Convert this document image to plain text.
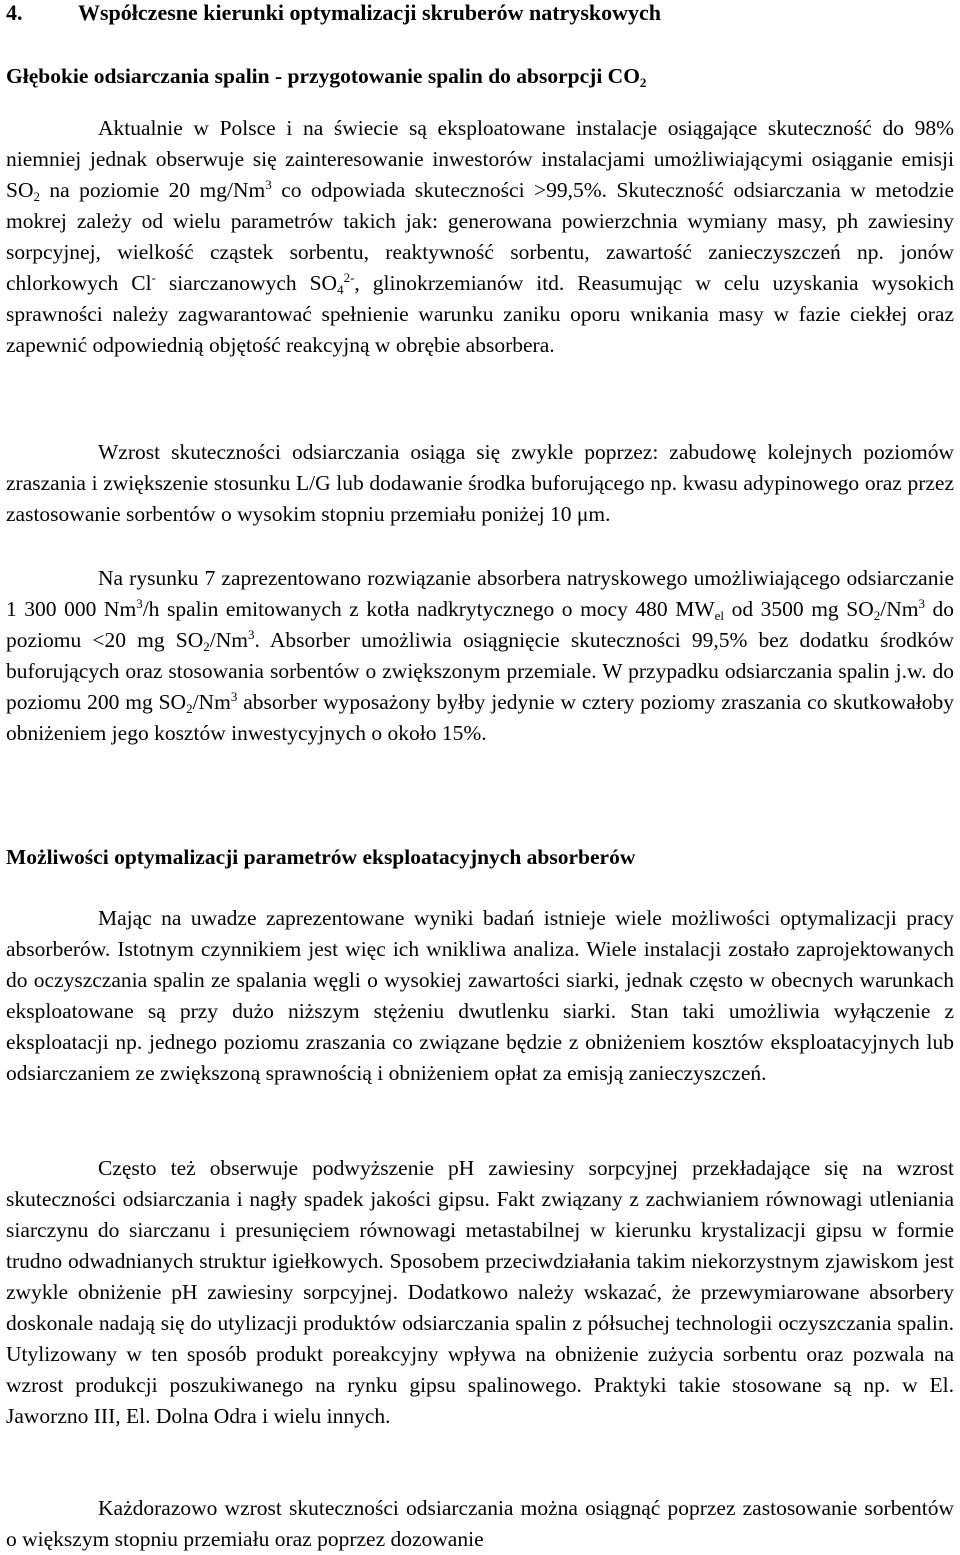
4.	Współczesne kierunki optymalizacji skruberów natryskowych
Głębokie odsiarczania spalin - przygotowanie spalin do absorpcji $CO_2$

Aktualnie w Polsce i na świecie są eksploatowane instalacje osiągające skuteczność do 98% niemniej jednak obserwuje się zainteresowanie inwestorów instalacjami umożliwiającymi osiąganie emisji $SO_2$ na poziomie 20 mg/Nm$^3$ co odpowiada skuteczności >99,5%. Skuteczność odsiarczania w metodzie mokrej zależy od wielu parametrów takich jak: generowana powierzchnia wymiany masy, ph zawiesiny sorpcyjnej, wielkość cząstek sorbentu, reaktywność sorbentu, zawartość zanieczyszczeń np. jonów chlorkowych Cl- siarczanowych $SO_4^{2-}$, glinokrzemianów itd. Reasumując w celu uzyskania wysokich sprawności należy zagwarantować spełnienie warunku zaniku oporu wnikania masy w fazie ciekłej oraz zapewnić odpowiednią objętość reakcyjną w obrębie absorbera.

Wzrost skuteczności odsiarczania osiąga się zwykle poprzez: zabudowę kolejnych poziomów zraszania i zwiększenie stosunku L/G lub dodawanie środka buforującego np. kwasu adypinowego oraz przez zastosowanie sorbentów o wysokim stopniu przemiału poniżej 10 μm.

Na rysunku 7 zaprezentowano rozwiązanie absorbera natryskowego umożliwiającego odsiarczanie 1 300 000 Nm$^3$/h spalin emitowanych z kotła nadkrytycznego o mocy 480 $MW_{el}$ od 3500 mg $SO_2/Nm^3$ do poziomu <20 mg $SO_2/Nm^3$. Absorber umożliwia osiągnięcie skuteczności 99,5% bez dodatku środków buforujących oraz stosowania sorbentów o zwiększonym przemiale. W przypadku odsiarczania spalin j.w. do poziomu 200 mg $SO_2/Nm^3$ absorber wyposażony byłby jedynie w cztery poziomy zraszania co skutkowałoby obniżeniem jego kosztów inwestycyjnych o około 15%.

Możliwości optymalizacji parametrów eksploatacyjnych absorberów

Mając na uwadze zaprezentowane wyniki badań istnieje wiele możliwości optymalizacji pracy absorberów. Istotnym czynnikiem jest więc ich wnikliwa analiza. Wiele instalacji zostało zaprojektowanych do oczyszczania spalin ze spalania węgli o wysokiej zawartości siarki, jednak często w obecnych warunkach eksploatowane są przy dużo niższym stężeniu dwutlenku siarki. Stan taki umożliwia wyłączenie z eksploatacji np. jednego poziomu zraszania co związane będzie z obniżeniem kosztów eksploatacyjnych lub odsiarczaniem ze zwiększoną sprawnością i obniżeniem opłat za emisją zanieczyszczeń.

Często też obserwuje podwyższenie pH zawiesiny sorpcyjnej przekładające się na wzrost skuteczności odsiarczania i nagły spadek jakości gipsu. Fakt związany z zachwianiem równowagi utleniania siarczynu do siarczanu i presunięciem równowagi metastabilnej w kierunku krystalizacji gipsu w formie trudno odwadnianych struktur igiełkowych. Sposobem przeciwdziałania takim niekorzystnym zjawiskom jest zwykle obniżenie pH zawiesiny sorpcyjnej. Dodatkowo należy wskazać, że przewymiarowane absorbery doskonale nadają się do utylizacji produktów odsiarczania spalin z półsuchej technologii oczyszczania spalin. Utylizowany w ten sposób produkt poreakcyjny wpływa na obniżenie zużycia sorbentu oraz pozwala na wzrost produkcji poszukiwanego na rynku gipsu spalinowego. Praktyki takie stosowane są np. w El. Jaworzno III, El. Dolna Odra i wielu innych.

Każdorazowo wzrost skuteczności odsiarczania można osiągnąć poprzez zastosowanie sorbentów o większym stopniu przemiału oraz poprzez dozowanie
